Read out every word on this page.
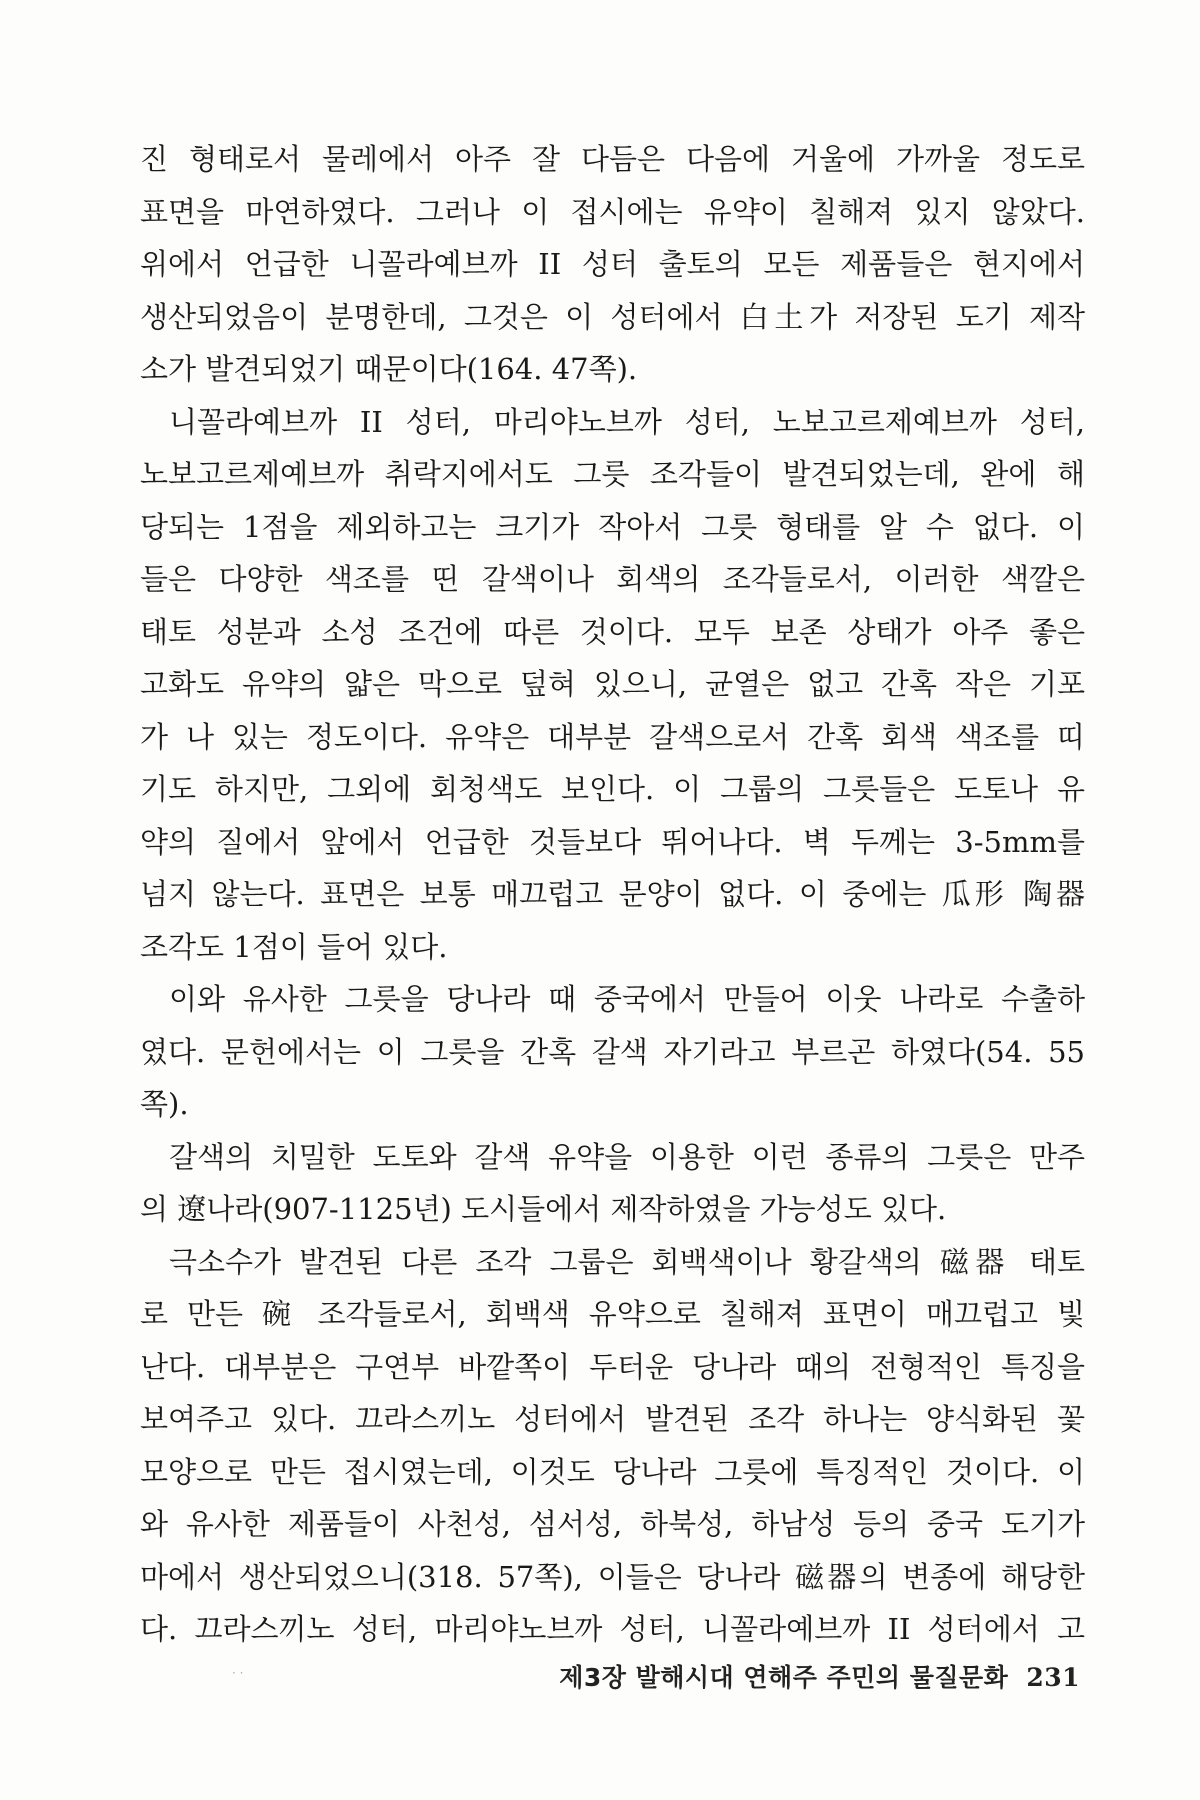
진 형태로서 물레에서 아주 잘 다듬은 다음에 거울에 가까울 정도로
표면을 마연하였다. 그러나 이 접시에는 유약이 칠해져 있지 않았다.
위에서 언급한 니꼴라예브까 II 성터 출토의 모든 제품들은 현지에서
생산되었음이 분명한데, 그것은 이 성터에서 白土가 저장된 도기 제작
소가 발견되었기 때문이다(164. 47쪽).

니꼴라예브까 II 성터, 마리야노브까 성터, 노보고르제예브까 성터,
노보고르제예브까 취락지에서도 그릇 조각들이 발견되었는데, 완에 해
당되는 1점을 제외하고는 크기가 작아서 그릇 형태를 알 수 없다. 이
들은 다양한 색조를 띤 갈색이나 회색의 조각들로서, 이러한 색깔은
태토 성분과 소성 조건에 따른 것이다. 모두 보존 상태가 아주 좋은
고화도 유약의 얇은 막으로 덮혀 있으니, 균열은 없고 간혹 작은 기포
가 나 있는 정도이다. 유약은 대부분 갈색으로서 간혹 회색 색조를 띠
기도 하지만, 그외에 회청색도 보인다. 이 그룹의 그릇들은 도토나 유
약의 질에서 앞에서 언급한 것들보다 뛰어나다. 벽 두께는 3-5mm를
넘지 않는다. 표면은 보통 매끄럽고 문양이 없다. 이 중에는 瓜形 陶器
조각도 1점이 들어 있다.

이와 유사한 그릇을 당나라 때 중국에서 만들어 이웃 나라로 수출하
였다. 문헌에서는 이 그릇을 간혹 갈색 자기라고 부르곤 하였다(54. 55
쪽).

갈색의 치밀한 도토와 갈색 유약을 이용한 이런 종류의 그릇은 만주
의 遼나라(907-1125년) 도시들에서 제작하였을 가능성도 있다.

극소수가 발견된 다른 조각 그룹은 회백색이나 황갈색의 磁器 태토
로 만든 碗 조각들로서, 회백색 유약으로 칠해져 표면이 매끄럽고 빛
난다. 대부분은 구연부 바깥쪽이 두터운 당나라 때의 전형적인 특징을
보여주고 있다. 끄라스끼노 성터에서 발견된 조각 하나는 양식화된 꽃
모양으로 만든 접시였는데, 이것도 당나라 그릇에 특징적인 것이다. 이
와 유사한 제품들이 사천성, 섬서성, 하북성, 하남성 등의 중국 도기가
마에서 생산되었으니(318. 57쪽), 이들은 당나라 磁器의 변종에 해당한
다. 끄라스끼노 성터, 마리야노브까 성터, 니꼴라예브까 II 성터에서 고

· ·	제3장 발해시대 연해주 주민의 물질문화 231
